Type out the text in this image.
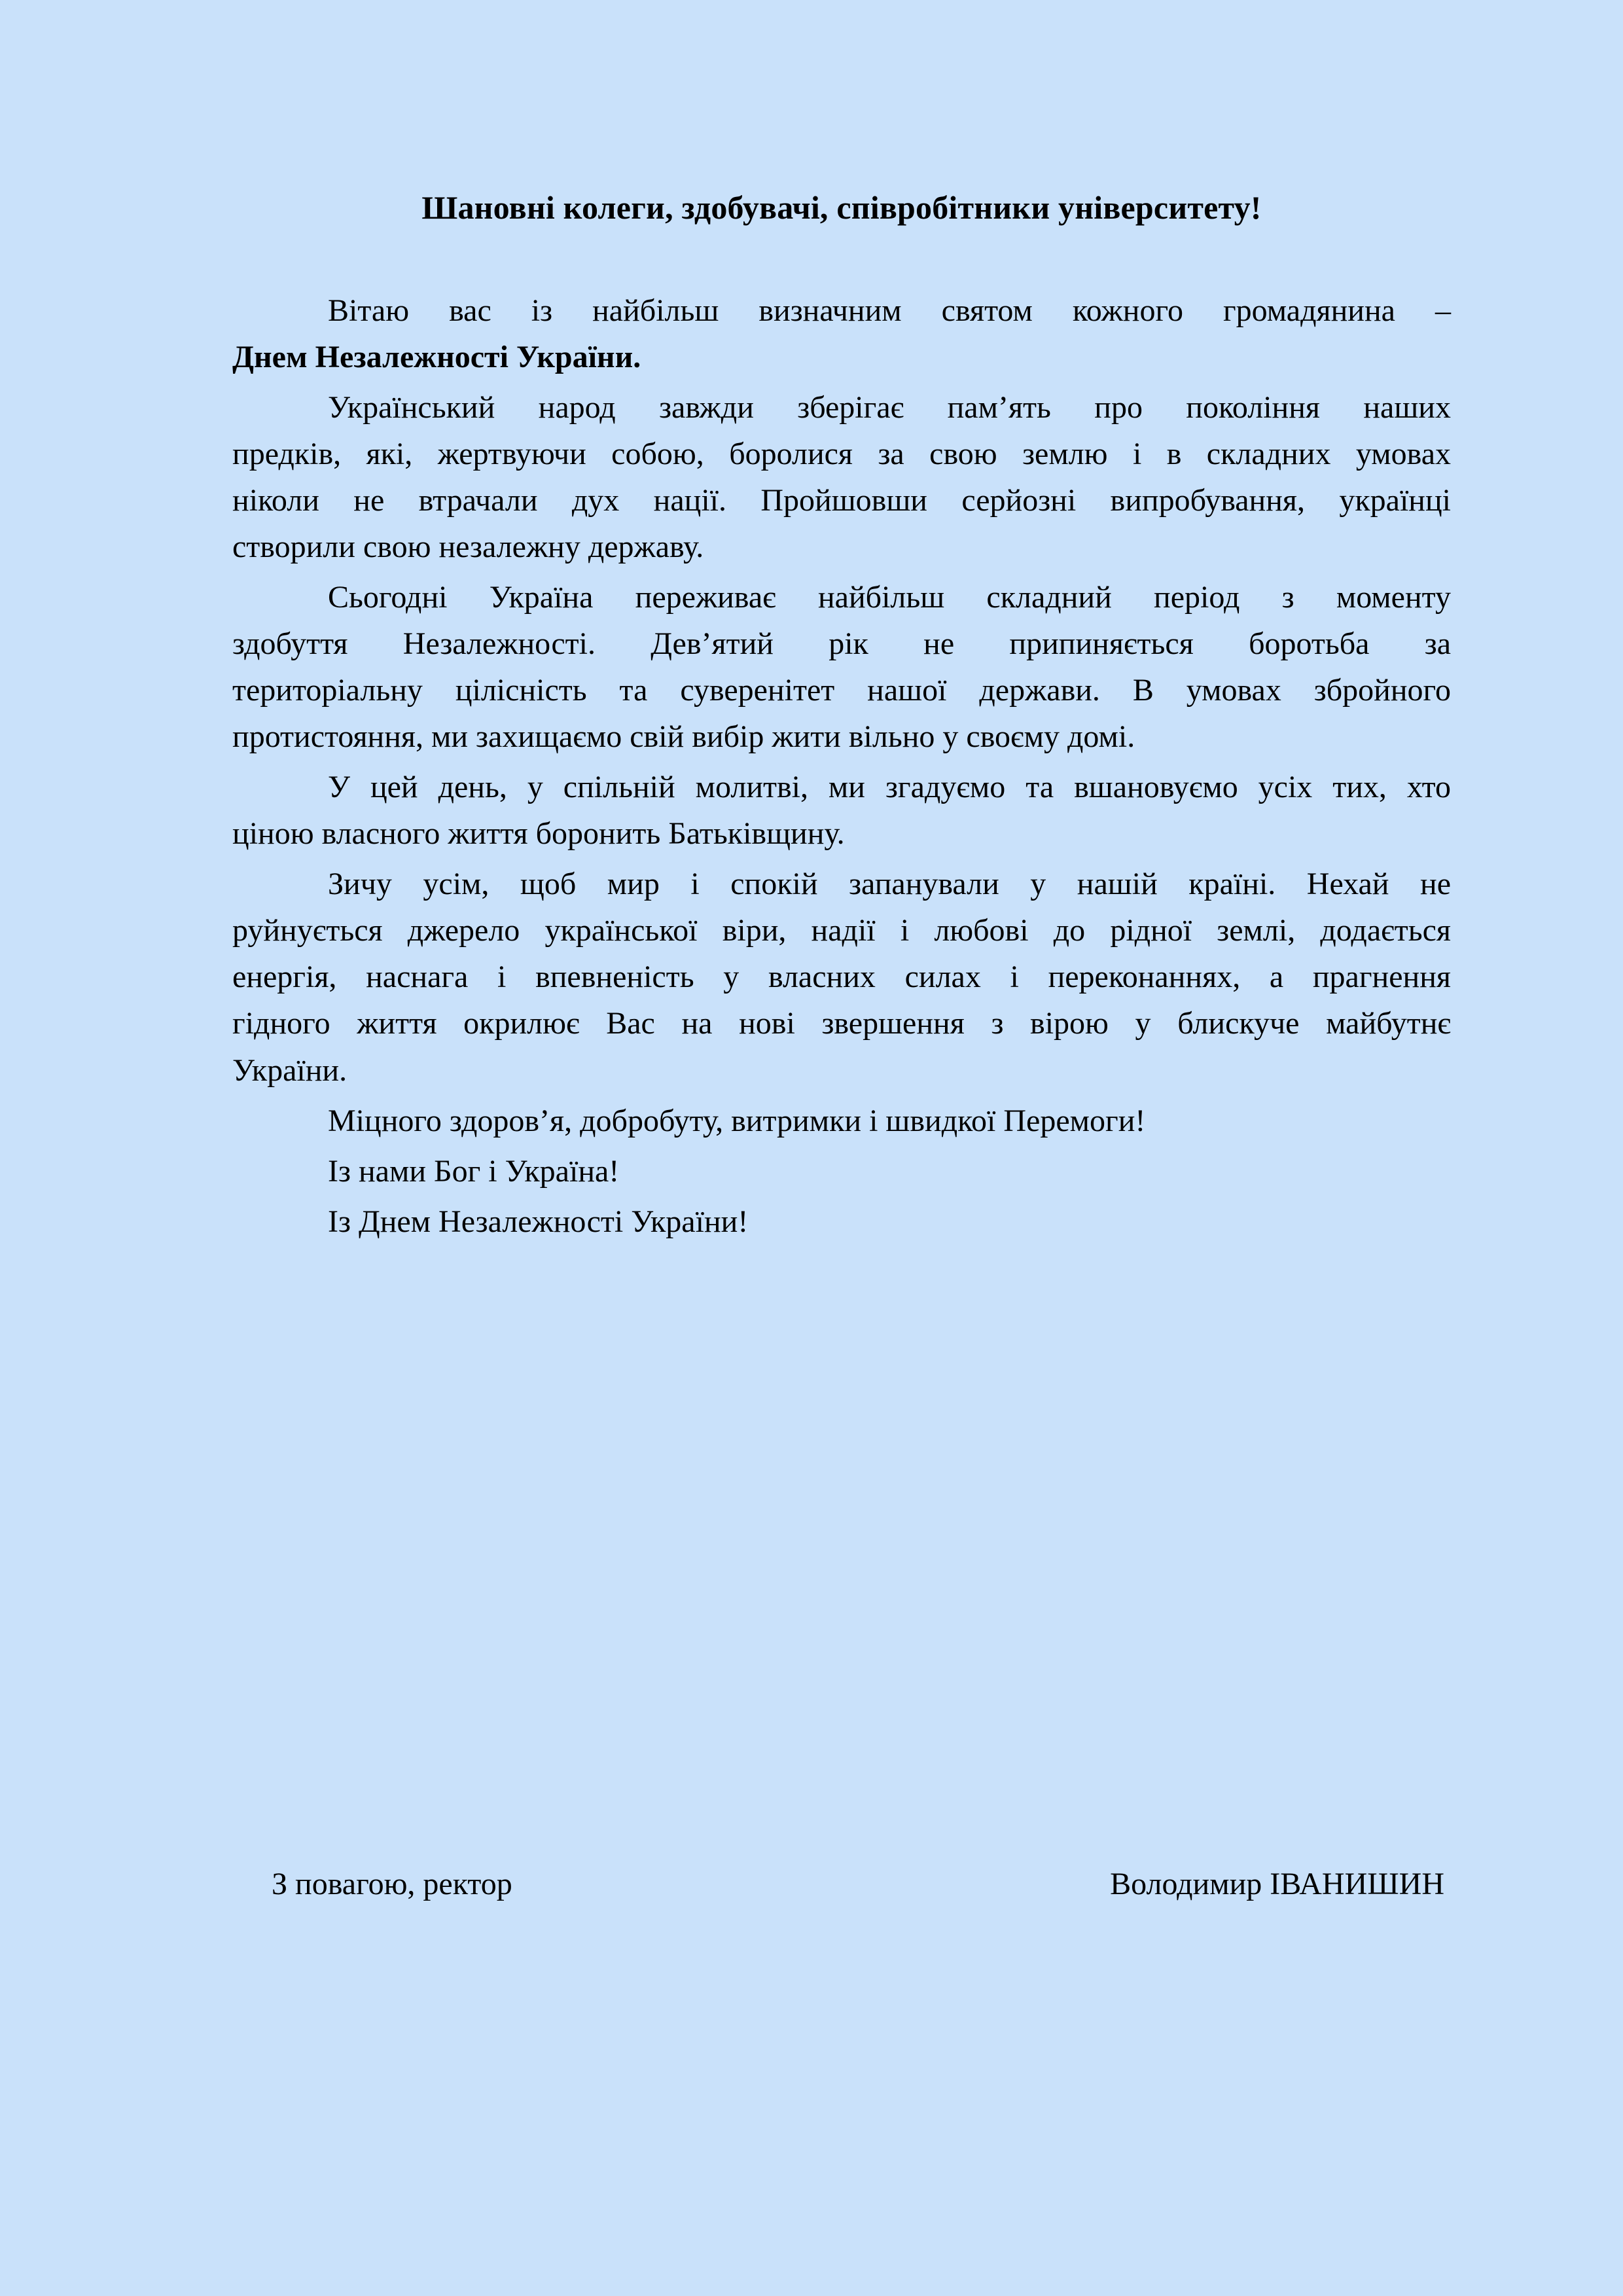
Шановні колеги, здобувачі, співробітники університету!

Вітаю вас із найбільш визначним святом кожного громадянина –
Днем Незалежності України.

Український народ завжди зберігає пам’ять про покоління наших
предків, які, жертвуючи собою, боролися за свою землю і в складних умовах
ніколи не втрачали дух нації. Пройшовши серйозні випробування, українці
створили свою незалежну державу.

Сьогодні Україна переживає найбільш складний період з моменту
здобуття Незалежності. Дев’ятий рік не припиняється боротьба за
територіальну цілісність та суверенітет нашої держави. В умовах збройного
протистояння, ми захищаємо свій вибір жити вільно у своєму домі.

У цей день, у спільній молитві, ми згадуємо та вшановуємо усіх тих, хто
ціною власного життя боронить Батьківщину.

Зичу усім, щоб мир і спокій запанували у нашій країні. Нехай не
руйнується джерело української віри, надії і любові до рідної землі, додається
енергія, наснага і впевненість у власних силах і переконаннях, а прагнення
гідного життя окрилює Вас на нові звершення з вірою у блискуче майбутнє
України.

Міцного здоров’я, добробуту, витримки і швидкої Перемоги!

Із нами Бог і Україна!

Із Днем Незалежності України!

З повагою, ректор	Володимир ІВАНИШИН
